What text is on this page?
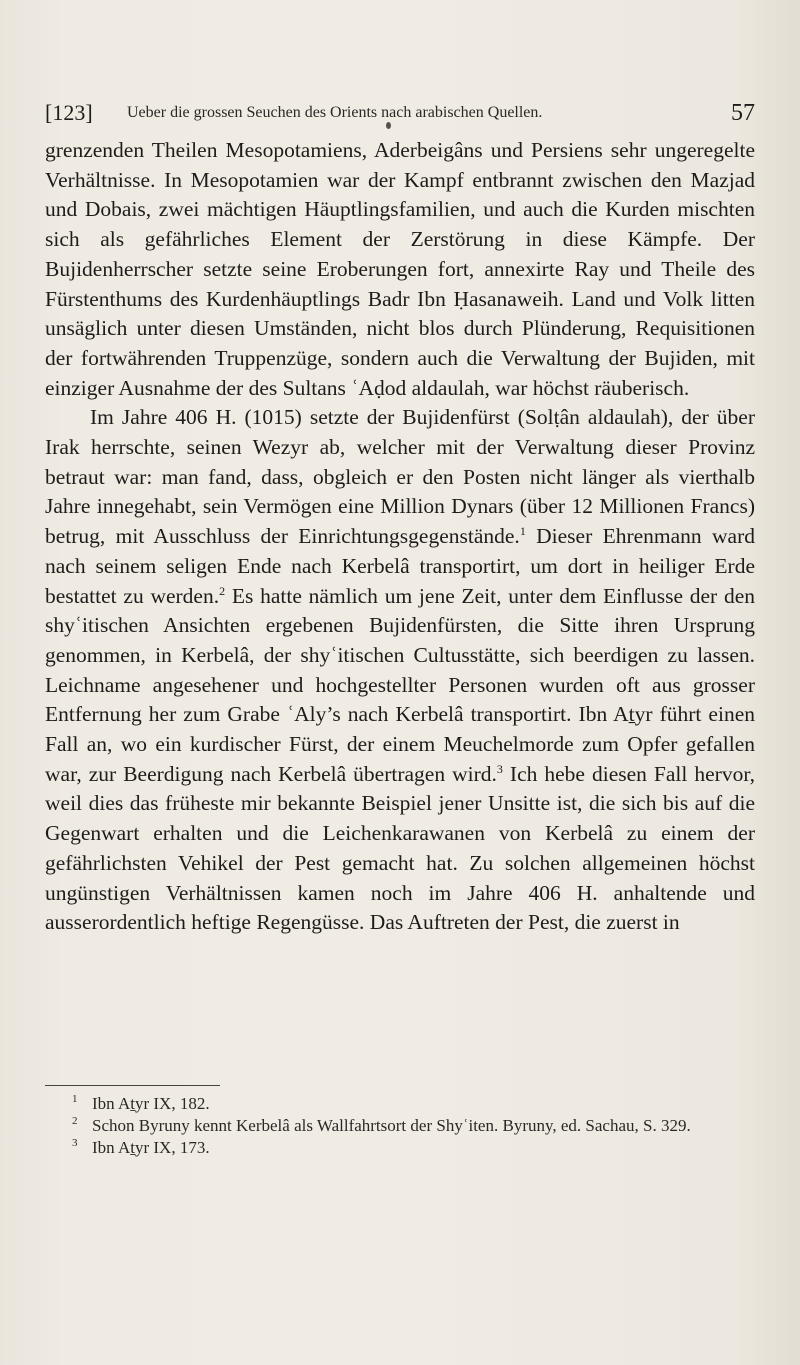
[123] Ueber die grossen Seuchen des Orients nach arabischen Quellen.	57

grenzenden Theilen Mesopotamiens, Aderbeigâns und Persiens sehr ungeregelte Verhältnisse. In Mesopotamien war der Kampf entbrannt zwischen den Mazjad und Dobais, zwei mächtigen Häuptlingsfamilien, und auch die Kurden mischten sich als gefährliches Element der Zerstörung in diese Kämpfe. Der Bujidenherrscher setzte seine Eroberungen fort, annexirte Ray und Theile des Fürstenthums des Kurdenhäuptlings Badr Ibn Ḥasanaweih. Land und Volk litten unsäglich unter diesen Umständen, nicht blos durch Plünderung, Requisitionen der fortwährenden Truppenzüge, sondern auch die Verwaltung der Bujiden, mit einziger Ausnahme der des Sultans ʿAḍod aldaulah, war höchst räuberisch.

Im Jahre 406 H. (1015) setzte der Bujidenfürst (Solṭân aldaulah), der über Irak herrschte, seinen Wezyr ab, welcher mit der Verwaltung dieser Provinz betraut war: man fand, dass, obgleich er den Posten nicht länger als vierthalb Jahre innegehabt, sein Vermögen eine Million Dynars (über 12 Millionen Francs) betrug, mit Ausschluss der Einrichtungsgegenstände.$^1$ Dieser Ehrenmann ward nach seinem seligen Ende nach Kerbelâ transportirt, um dort in heiliger Erde bestattet zu werden.$^2$ Es hatte nämlich um jene Zeit, unter dem Einflusse der den shyʿitischen Ansichten ergebenen Bujidenfürsten, die Sitte ihren Ursprung genommen, in Kerbelâ, der shyʿitischen Cultusstätte, sich beerdigen zu lassen. Leichname angesehener und hochgestellter Personen wurden oft aus grosser Entfernung her zum Grabe ʿAly’s nach Kerbelâ transportirt. Ibn Aṯyr führt einen Fall an, wo ein kurdischer Fürst, der einem Meuchelmorde zum Opfer gefallen war, zur Beerdigung nach Kerbelâ übertragen wird.$^3$ Ich hebe diesen Fall hervor, weil dies das früheste mir bekannte Beispiel jener Unsitte ist, die sich bis auf die Gegenwart erhalten und die Leichenkarawanen von Kerbelâ zu einem der gefährlichsten Vehikel der Pest gemacht hat. Zu solchen allgemeinen höchst ungünstigen Verhältnissen kamen noch im Jahre 406 H. anhaltende und ausserordentlich heftige Regengüsse. Das Auftreten der Pest, die zuerst in

1 Ibn Aṯyr IX, 182.
2 Schon Byruny kennt Kerbelâ als Wallfahrtsort der Shyʿiten. Byruny, ed. Sachau, S. 329.
3 Ibn Aṯyr IX, 173.
